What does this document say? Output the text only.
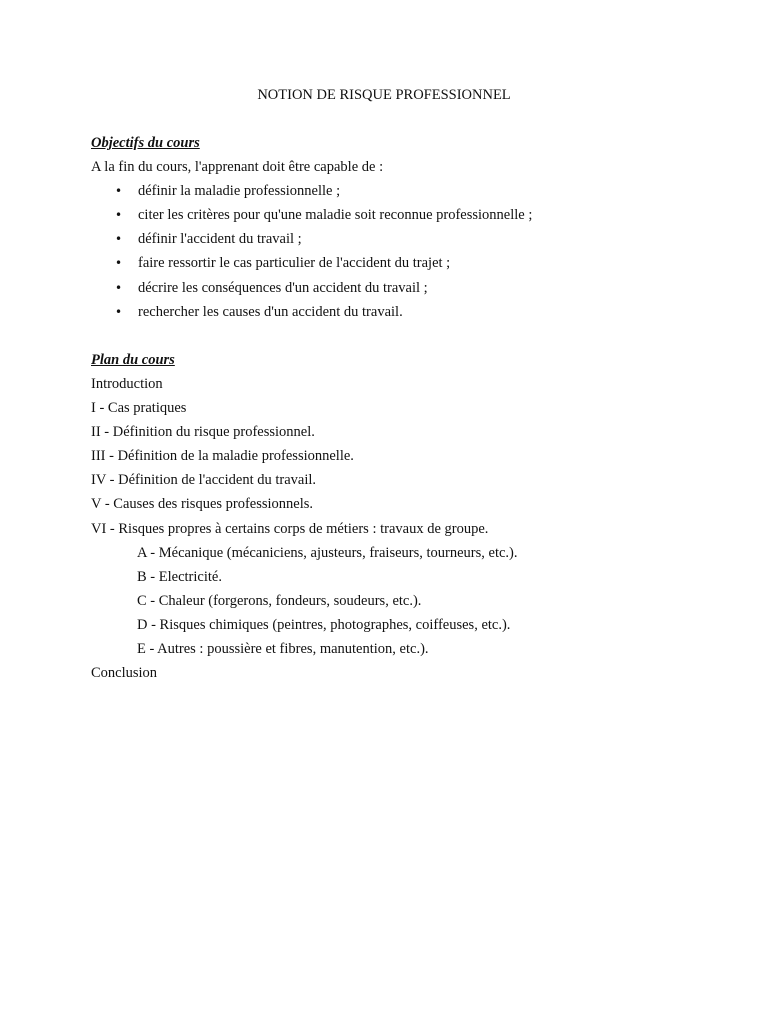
NOTION DE RISQUE PROFESSIONNEL
Objectifs du cours
A la fin du cours, l'apprenant doit être capable de :
• définir la maladie professionnelle ;
• citer les critères pour qu'une maladie soit reconnue professionnelle ;
• définir l'accident du travail ;
• faire ressortir le cas particulier de l'accident du trajet ;
• décrire les conséquences d'un accident du travail ;
• rechercher les causes d'un accident du travail.
Plan du cours
Introduction
I - Cas pratiques
II - Définition du risque professionnel.
III - Définition de la maladie professionnelle.
IV - Définition de l'accident du travail.
V - Causes des risques professionnels.
VI - Risques propres à certains corps de métiers : travaux de groupe.
A - Mécanique (mécaniciens, ajusteurs, fraiseurs, tourneurs, etc.).
B - Electricité.
C - Chaleur (forgerons, fondeurs, soudeurs, etc.).
D - Risques chimiques (peintres, photographes, coiffeuses, etc.).
E - Autres : poussière et fibres, manutention, etc.).
Conclusion
